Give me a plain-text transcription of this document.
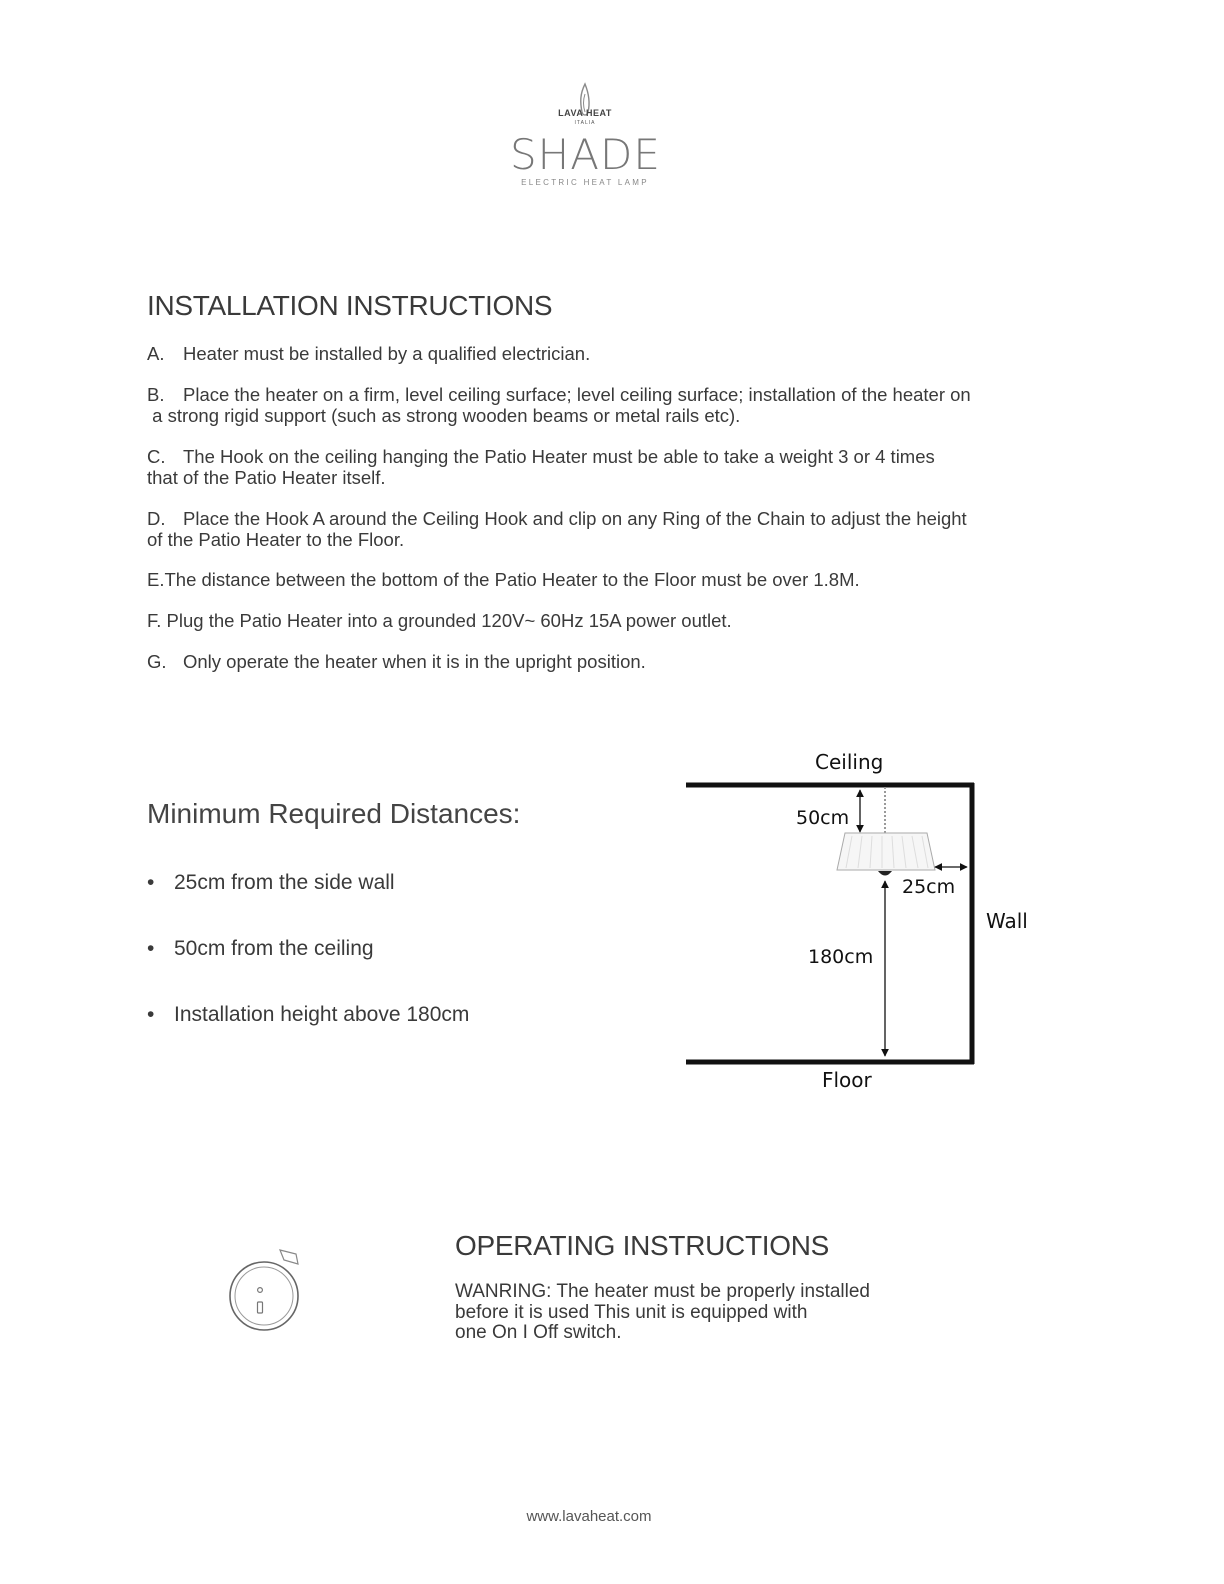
LAVA HEAT
ITALIA
SHADE
ELECTRIC HEAT LAMP
INSTALLATION INSTRUCTIONS
A. Heater must be installed by a qualified electrician.
B. Place the heater on a firm, level ceiling surface; level ceiling surface; installation of the heater on
a strong rigid support (such as strong wooden beams or metal rails etc).
C. The Hook on the ceiling hanging the Patio Heater must be able to take a weight 3 or 4 times
that of the Patio Heater itself.
D. Place the Hook A around the Ceiling Hook and clip on any Ring of the Chain to adjust the height
of the Patio Heater to the Floor.
E.The distance between the bottom of the Patio Heater to the Floor must be over 1.8M.
F. Plug the Patio Heater into a grounded 120V~ 60Hz 15A power outlet.
G. Only operate the heater when it is in the upright position.
Minimum Required Distances:
• 25cm from the side wall
• 50cm from the ceiling
• Installation height above 180cm
Ceiling
50cm
25cm
Wall
180cm
Floor
OPERATING INSTRUCTIONS
WANRING: The heater must be properly installed
before it is used This unit is equipped with
one On I Off switch.
www.lavaheat.com
